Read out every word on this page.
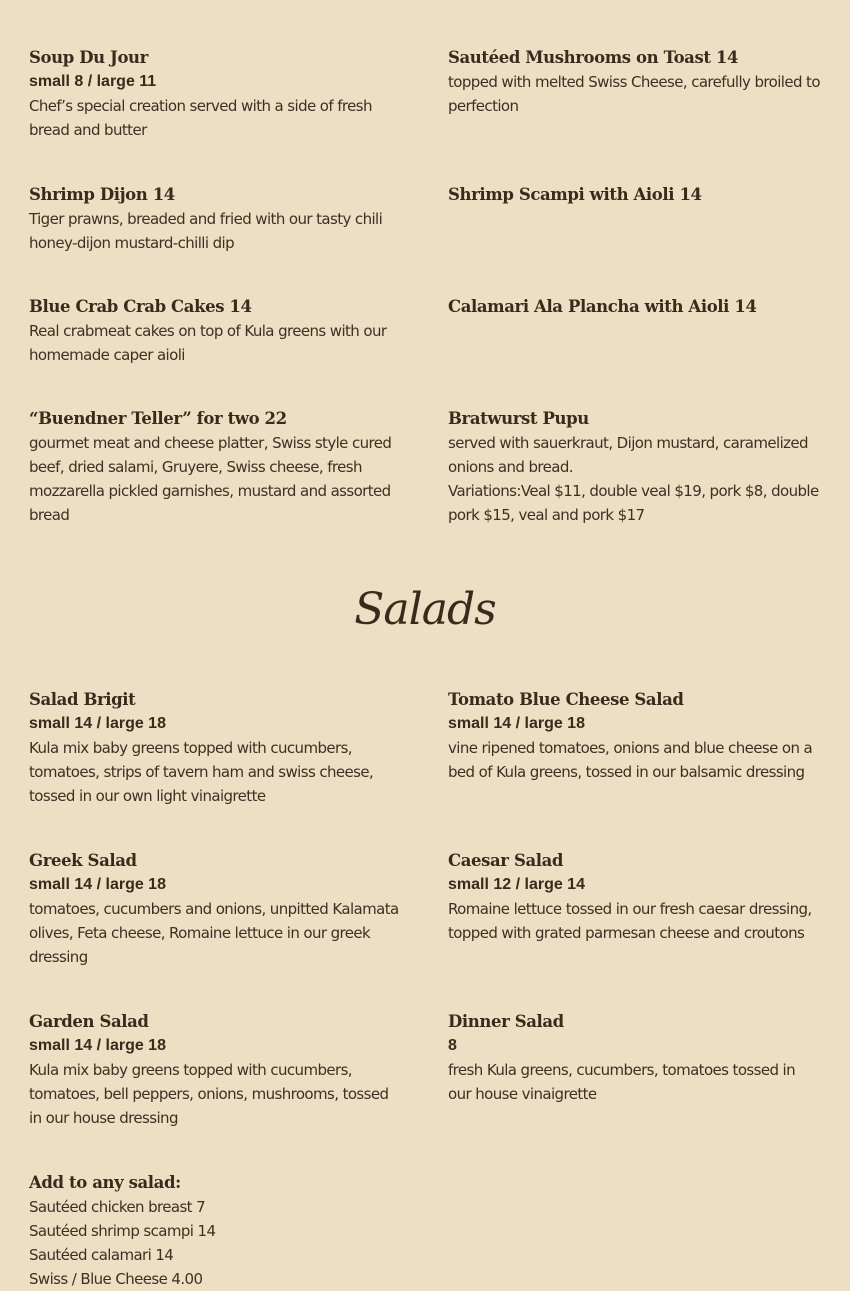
Soup Du Jour
small 8 / large 11
Chef’s special creation served with a side of fresh bread and butter
Shrimp Dijon 14
Tiger prawns, breaded and fried with our tasty chili honey-dijon mustard-chilli dip
Blue Crab Crab Cakes 14
Real crabmeat cakes on top of Kula greens with our homemade caper aioli
“Buendner Teller” for two 22
gourmet meat and cheese platter, Swiss style cured beef, dried salami, Gruyere, Swiss cheese, fresh mozzarella pickled garnishes, mustard and assorted bread
Sautéed Mushrooms on Toast 14
topped with melted Swiss Cheese, carefully broiled to perfection
Shrimp Scampi with Aioli 14
Calamari Ala Plancha with Aioli 14
Bratwurst Pupu
served with sauerkraut, Dijon mustard, caramelized onions and bread.
Variations:Veal $11, double veal $19, pork $8, double pork $15, veal and pork $17
Salads
Salad Brigit
small 14 / large 18
Kula mix baby greens topped with cucumbers, tomatoes, strips of tavern ham and swiss cheese, tossed in our own light vinaigrette
Greek Salad
small 14 / large 18
tomatoes, cucumbers and onions, unpitted Kalamata olives, Feta cheese, Romaine lettuce in our greek dressing
Garden Salad
small 14 / large 18
Kula mix baby greens topped with cucumbers, tomatoes, bell peppers, onions, mushrooms, tossed in our house dressing
Add to any salad:
Sautéed chicken breast 7
Sautéed shrimp scampi 14
Sautéed calamari 14
Swiss / Blue Cheese 4.00
Tomato Blue Cheese Salad
small 14 / large 18
vine ripened tomatoes, onions and blue cheese on a bed of Kula greens, tossed in our balsamic dressing
Caesar Salad
small 12 / large 14
Romaine lettuce tossed in our fresh caesar dressing, topped with grated parmesan cheese and croutons
Dinner Salad
8
fresh Kula greens, cucumbers, tomatoes tossed in our house vinaigrette
